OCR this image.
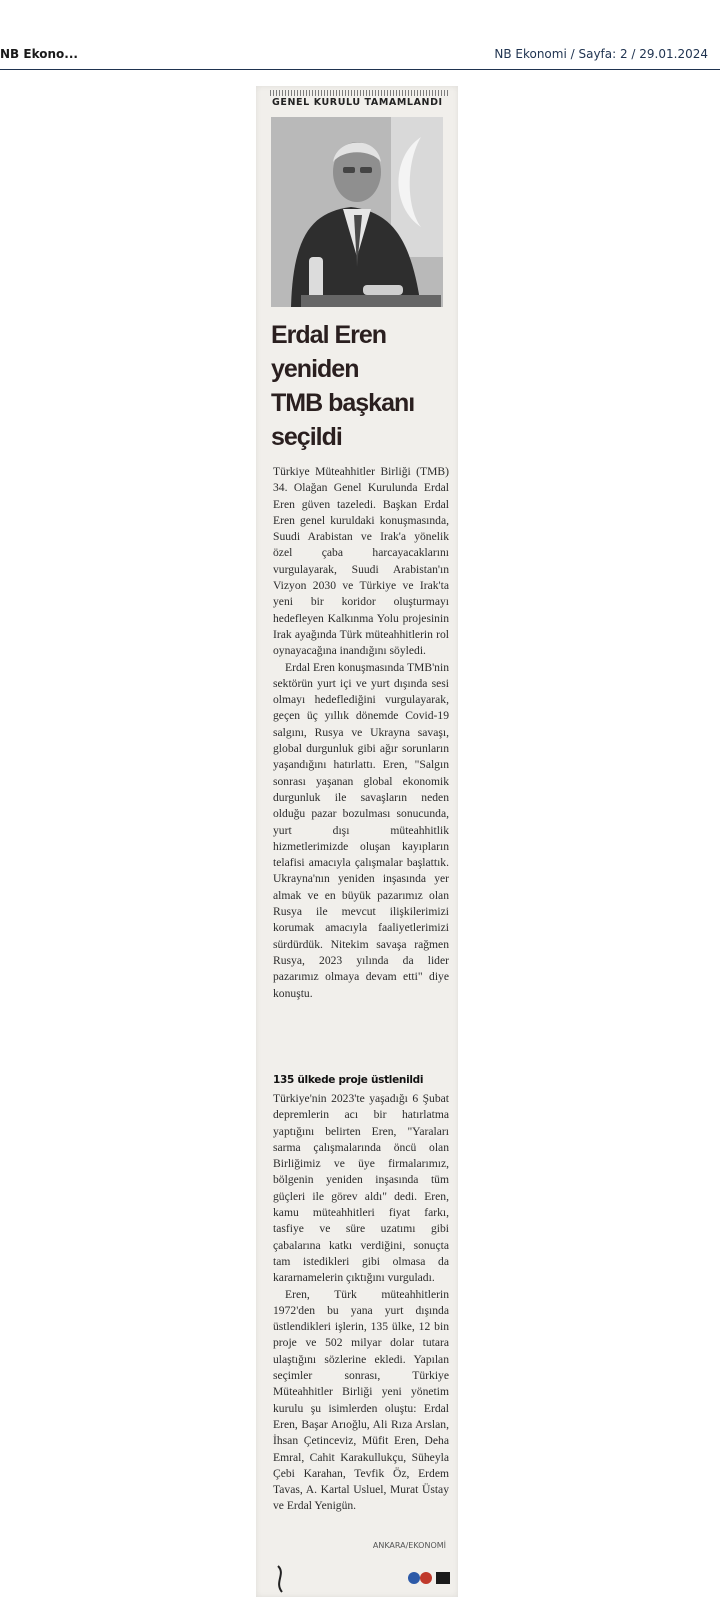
NB Ekono...	NB Ekonomi / Sayfa: 2 / 29.01.2024
GENEL KURULU TAMAMLANDI
Erdal Eren
yeniden
TMB başkanı
seçildi

Türkiye Müteahhitler Birliği (TMB) 34. Olağan Genel Kurulunda Erdal Eren güven tazeledi. Başkan Erdal Eren genel kuruldaki konuşmasında, Suudi Arabistan ve Irak'a yönelik özel çaba harcayacaklarını vurgulayarak, Suudi Arabistan'ın Vizyon 2030 ve Türkiye ve Irak'ta yeni bir koridor oluşturmayı hedefleyen Kalkınma Yolu projesinin Irak ayağında Türk müteahhitlerin rol oynayacağına inandığını söyledi.

Erdal Eren konuşmasında TMB'nin sektörün yurt içi ve yurt dışında sesi olmayı hedeflediğini vurgulayarak, geçen üç yıllık dönemde Covid-19 salgını, Rusya ve Ukrayna savaşı, global durgunluk gibi ağır sorunların yaşandığını hatırlattı. Eren, "Salgın sonrası yaşanan global ekonomik durgunluk ile savaşların neden olduğu pazar bozulması sonucunda, yurt dışı müteahhitlik hizmetlerimizde oluşan kayıpların telafisi amacıyla çalışmalar başlattık. Ukrayna'nın yeniden inşasında yer almak ve en büyük pazarımız olan Rusya ile mevcut ilişkilerimizi korumak amacıyla faaliyetlerimizi sürdürdük. Nitekim savaşa rağmen Rusya, 2023 yılında da lider pazarımız olmaya devam etti" diye konuştu.

135 ülkede proje üstlenildi

Türkiye'nin 2023'te yaşadığı 6 Şubat depremlerin acı bir hatırlatma yaptığını belirten Eren, "Yaraları sarma çalışmalarında öncü olan Birliğimiz ve üye firmalarımız, bölgenin yeniden inşasında tüm güçleri ile görev aldı" dedi. Eren, kamu müteahhitleri fiyat farkı, tasfiye ve süre uzatımı gibi çabalarına katkı verdiğini, sonuçta tam istedikleri gibi olmasa da kararnamelerin çıktığını vurguladı.

Eren, Türk müteahhitlerin 1972'den bu yana yurt dışında üstlendikleri işlerin, 135 ülke, 12 bin proje ve 502 milyar dolar tutara ulaştığını sözlerine ekledi. Yapılan seçimler sonrası, Türkiye Müteahhitler Birliği yeni yönetim kurulu şu isimlerden oluştu: Erdal Eren, Başar Arıoğlu, Ali Rıza Arslan, İhsan Çetinceviz, Müfit Eren, Deha Emral, Cahit Karakullukçu, Süheyla Çebi Karahan, Tevfik Öz, Erdem Tavas, A. Kartal Usluel, Murat Üstay ve Erdal Yenigün.

ANKARA/EKONOMİ
